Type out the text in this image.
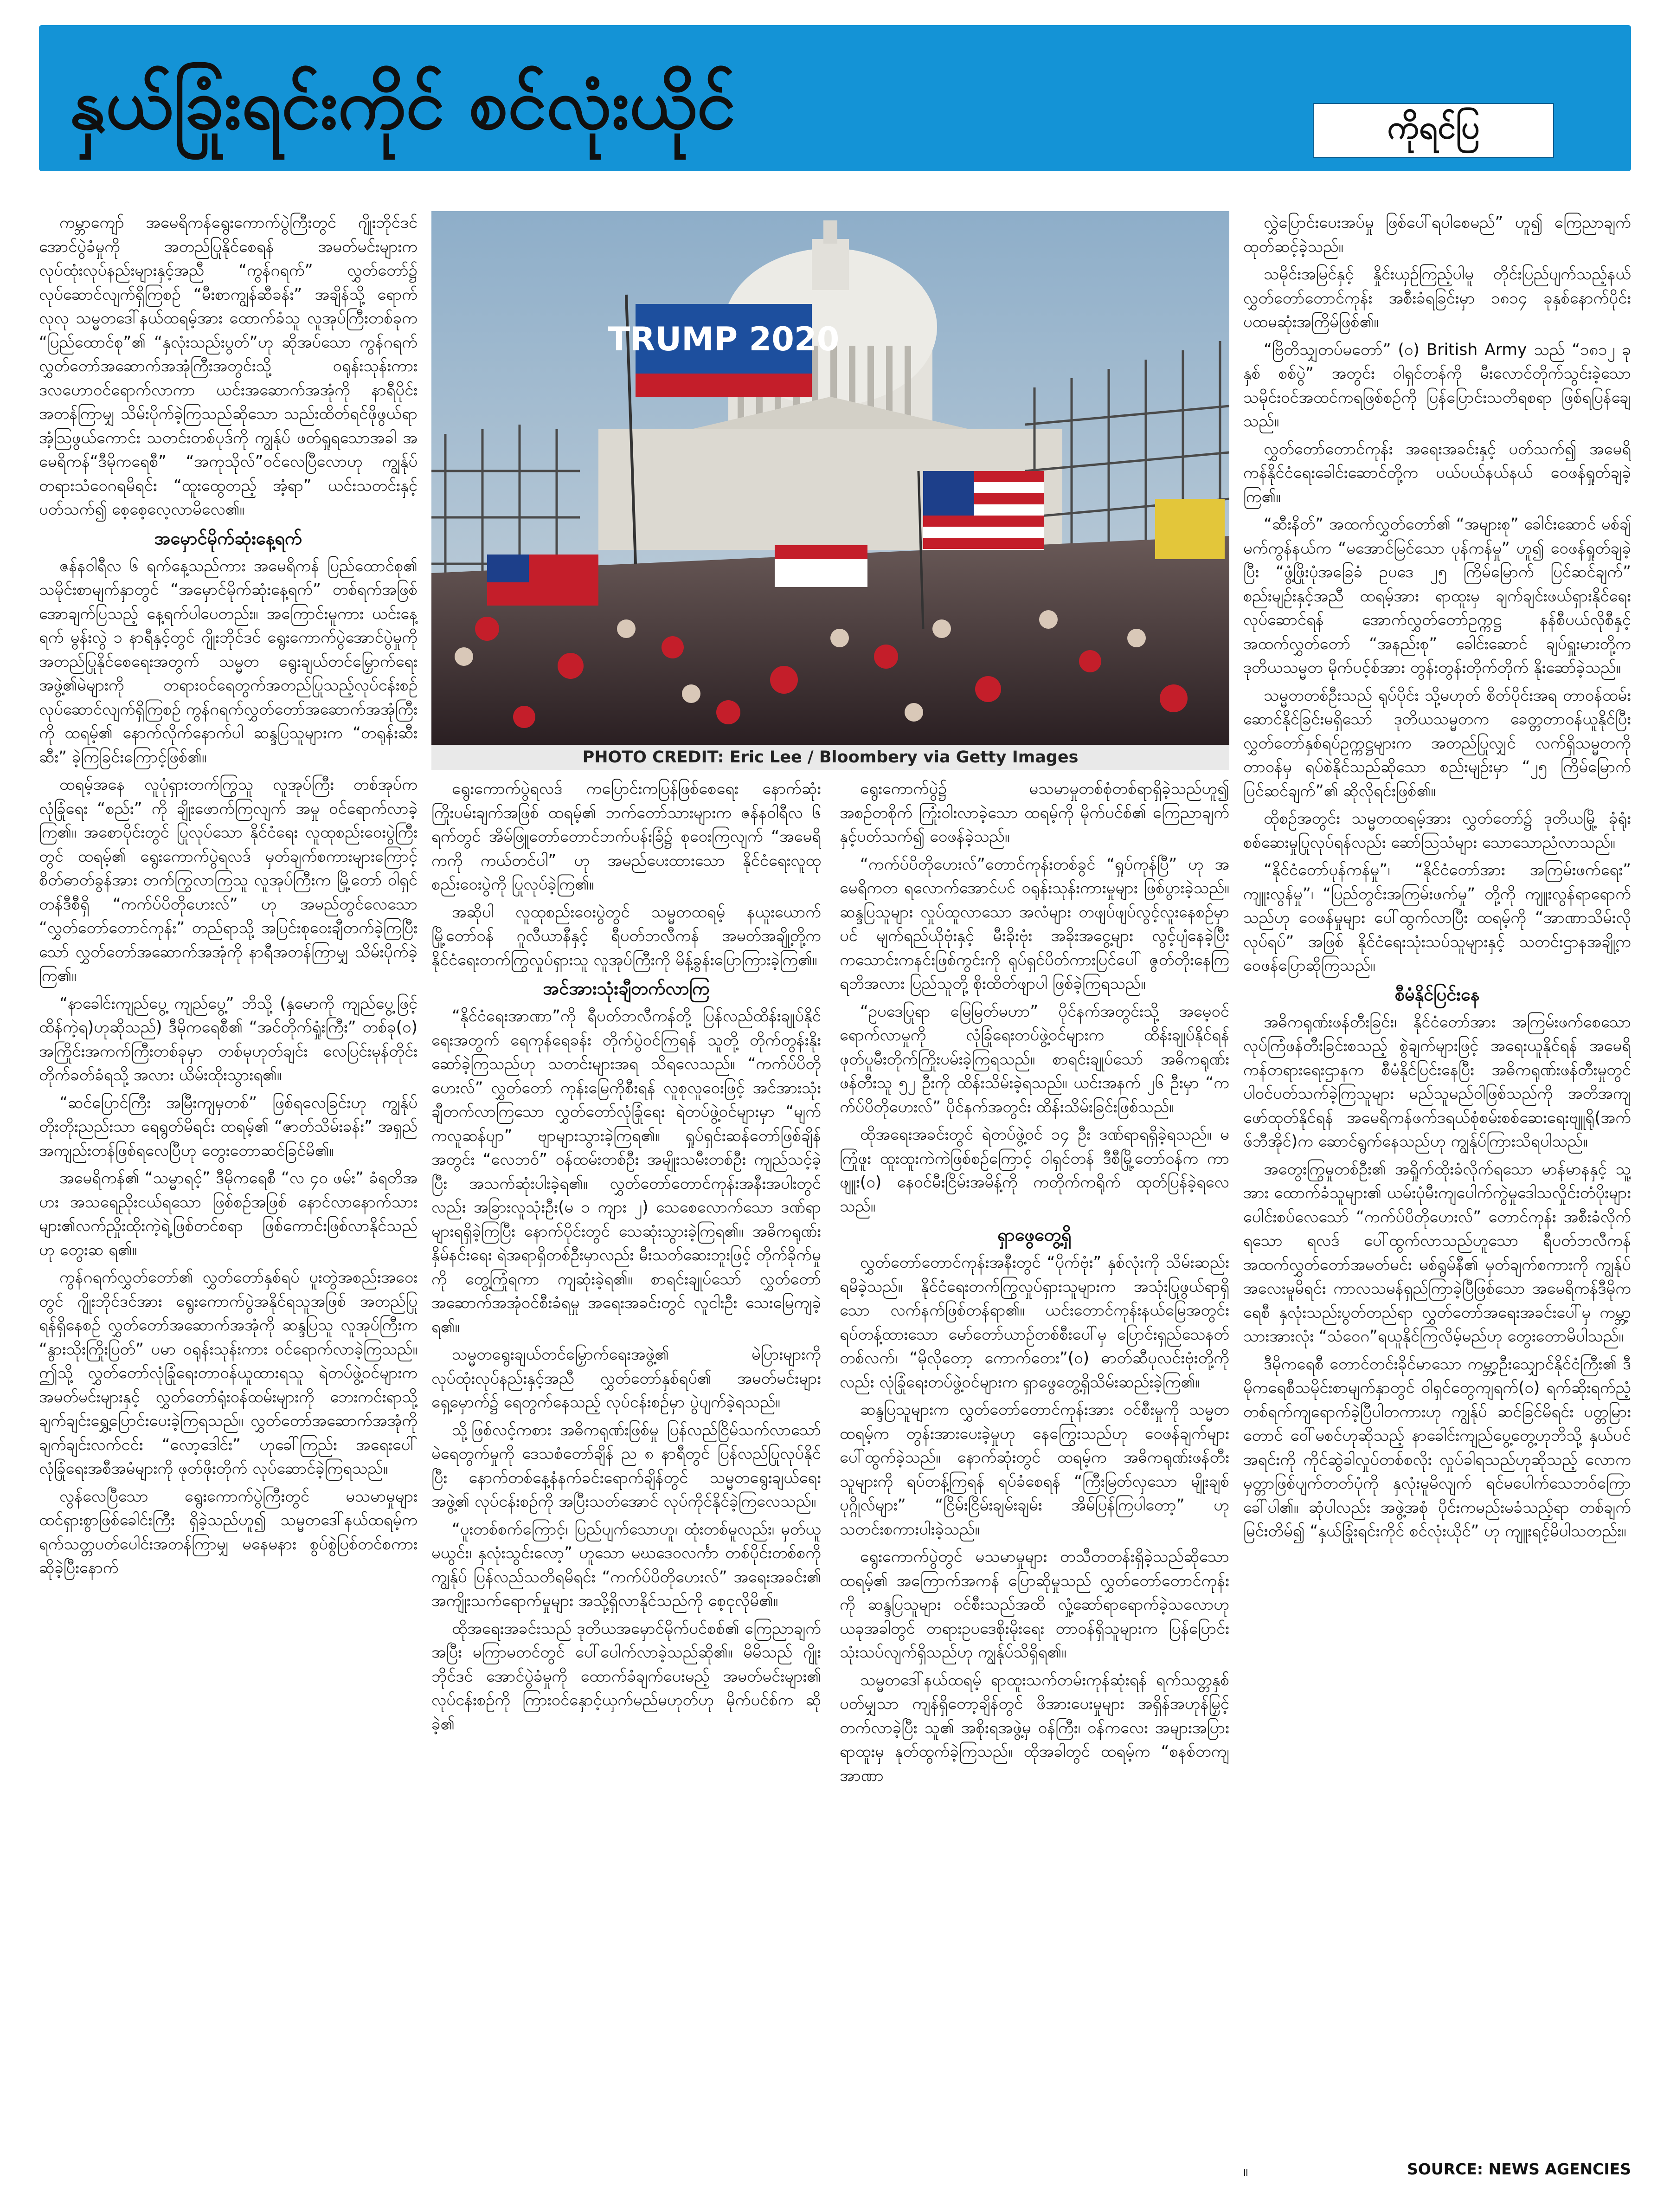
နှယ်ခြုံးရင်းကိုင် စင်လုံးယိုင်	ကိုရင်ပြ

ကမ္ဘာကျော် အမေရိကန်ရွေးကောက်ပွဲကြီးတွင် ဂျိုးဘိုင်ဒင် အောင်ပွဲခံမှုကို အတည်ပြုနိုင်စေရန် အမတ်မင်းများက လုပ်ထုံးလုပ်နည်းများနှင့်အညီ “ကွန်ဂရက်” လွှတ်တော်၌ လုပ်ဆောင်လျက်ရှိကြစဉ် “မီးစာကျွန်ဆီခန်း” အချိန်သို့ ရောက်လုလု သမ္မတဒေါ်နယ်ထရမ့်အား ထောက်ခံသူ လူအုပ်ကြီးတစ်ခုက “ပြည်ထောင်စု”၏ “နှလုံးသည်းပွတ်”ဟု ဆိုအပ်သော ကွန်ဂရက် လွှတ်တော်အဆောက်အအုံကြီးအတွင်းသို့ ဝရုန်းသုန်းကား ဒလဟောဝင်ရောက်လာကာ ယင်းအဆောက်အအုံကို နာရီပိုင်းအတန်ကြာမျှ သိမ်းပိုက်ခဲ့ကြသည်ဆိုသော သည်းထိတ်ရင်ဖိုဖွယ်ရာ အံ့ဩဖွယ်ကောင်း သတင်းတစ်ပုဒ်ကို ကျွန်ုပ် ဖတ်ရှုရသောအခါ အမေရိကန်“ဒီမိုကရေစီ” “အကုသိုလ်”ဝင်လေပြီလောဟု ကျွန်ုပ် တရားသံဝေဂရမိရင်း “ထူးထွေတည့် အံ့ရာ” ယင်းသတင်းနှင့်ပတ်သက်၍ စေ့စေ့လေ့လာမိလေ၏။

အမှောင်မိုက်ဆုံးနေ့ရက်

ဇန်နဝါရီလ ၆ ရက်နေ့သည်ကား အမေရိကန် ပြည်ထောင်စု၏ သမိုင်းစာမျက်နှာတွင် “အမှောင်မိုက်ဆုံးနေ့ရက်” တစ်ရက်အဖြစ် အောချက်ပြသည့် နေ့ရက်ပါပေတည်း။ အကြောင်းမူကား ယင်းနေ့ရက် မွန်းလွဲ ၁ နာရီနှင့်တွင် ဂျိုးဘိုင်ဒင် ရွေးကောက်ပွဲအောင်ပွဲမှုကို အတည်ပြုနိုင်စေရေးအတွက် သမ္မတ ရွေးချယ်တင်မြှောက်ရေးအဖွဲ့၏မဲများကို တရားဝင်ရေတွက်အတည်ပြုသည့်လုပ်ငန်းစဉ် လုပ်ဆောင်လျက်ရှိကြစဉ် ကွန်ဂရက်လွှတ်တော်အဆောက်အအုံကြီးကို ထရမ့်၏ နောက်လိုက်နောက်ပါ ဆန္ဒပြသူများက “တရုန်းဆီးဆီး” ခဲ့ကြခြင်းကြောင့်ဖြစ်၏။

ထရမ့်အနေ လူပုံရှားတက်ကြွသူ လူအုပ်ကြီး တစ်အုပ်က လုံခြုံရေး “စည်း” ကို ချိုးဖောက်ကြလျက် အမှု ဝင်ရောက်လာခဲ့ကြ၏။ အစောပိုင်းတွင် ပြုလုပ်သော နိုင်ငံရေး လူထုစည်းဝေးပွဲကြီးတွင် ထရမ့်၏ ရွေးကောက်ပွဲရလဒ် မှတ်ချက်စကားများကြောင့် စိတ်ဓာတ်ခွန်အား တက်ကြွလာကြသူ လူအုပ်ကြီးက မြို့တော် ဝါရှင်တန်ဒီစီရှိ “ကက်ပ်ပိတိုဟေးလ်” ဟု အမည်တွင်လေသော “လွှတ်တော်တောင်ကုန်း” တည်ရာသို့ အပြင်းစုဝေးချီတက်ခဲ့ကြပြီးသော် လွှတ်တော်အဆောက်အအုံကို နာရီအတန်ကြာမျှ သိမ်းပိုက်ခဲ့ကြ၏။

“နာခေါင်းကျည်ပွေ့ ကျည်ပွေ့” ဘိသို့ (နှမောကို ကျည်ပွေ့ဖြင့် ထိန်ကဲ့ရ)ဟုဆိုသည်) ဒီမိုကရေစီ၏ “အင်တိုက်ရှုံးကြီး” တစ်ခု(ဝ) အကြိုင်းအကက်ကြီးတစ်ခုမှာ တစ်မုဟုတ်ချင်း လေပြင်းမုန်တိုင်း တိုက်ခတ်ခံရသို့ အလား ယိမ်းထိုးသွားရ၏။

“ဆင်ပြောင်ကြီး အမြီးကျမှတစ်” ဖြစ်ရလေခြင်းဟု ကျွန်ုပ် တိုးတိုးညည်းသာ ရေရွတ်မိရင်း ထရမ့်၏ “ဇာတ်သိမ်းခန်း” အရှည်အကျည်းတန်ဖြစ်ရလေပြီဟု တွေးတောဆင်ခြင်မိ၏။

အမေရိကန်၏ “သမ္မာရင့်” ဒီမိုကရေစီ “လ ၄၀ ဖမ်း” ခံရတိအပား အသရေညိုးငယ်ရသော ဖြစ်စဉ်အဖြစ် နောင်လာနောက်သားများ၏လက်ညှိုးထိုးကဲ့ရဲ့ဖြစ်တင်စရာ ဖြစ်ကောင်းဖြစ်လာနိုင်သည်ဟု တွေးဆ ရ၏။

ကွန်ဂရက်လွှတ်တော်၏ လွှတ်တော်နှစ်ရပ် ပူးတွဲအစည်းအဝေးတွင် ဂျိုးဘိုင်ဒင်အား ရွေးကောက်ပွဲအနိုင်ရသူအဖြစ် အတည်ပြုရန်ရှိနေစဉ် လွှတ်တော်အဆောက်အအုံကို ဆန္ဒပြသူ လူအုပ်ကြီးက “နွားသိုးကြိုးပြတ်” ပမာ ဝရုန်းသုန်းကား ဝင်ရောက်လာခဲ့ကြသည်။ ဤသို့ လွှတ်တော်လုံခြုံရေးတာဝန်ယူထားရသူ ရဲတပ်ဖွဲ့ဝင်များက အမတ်မင်းများနှင့် လွှတ်တော်ရုံးဝန်ထမ်းများကို ဘေးကင်းရာသို့ ချက်ချင်းရွှေ့ပြောင်းပေးခဲ့ကြရသည်။ လွှတ်တော်အဆောက်အအုံကို ချက်ချင်းလက်ငင်း “လော့ဒေါင်း” ဟုခေါ်ကြည်း အရေးပေါ်လုံခြုံရေးအစီအမံများကို ဖုတ်ဖိုးတိုက် လုပ်ဆောင်ခဲ့ကြရသည်။

လွန်လေပြီသော ရွေးကောက်ပွဲကြီးတွင် မသမာမှုများ ထင်ရှားစွာဖြစ်ခေါင်းကြီး ရှိခဲ့သည်ဟူ၍ သမ္မတဒေါ်နယ်ထရမ့်က ရက်သတ္တပတ်ပေါင်းအတန်ကြာမျှ မနေမနား စွပ်စွဲပြစ်တင်စကား ဆိုခဲ့ပြီးနောက်

TRUMP 2020
PHOTO CREDIT: Eric Lee / Bloombery via Getty Images

ရွေးကောက်ပွဲရလဒ် ကပြောင်းကပြန်ဖြစ်စေရေး နောက်ဆုံးကြိုးပမ်းချက်အဖြစ် ထရမ့်၏ ဘက်တော်သားများက ဇန်နဝါရီလ ၆ ရက်တွင် အိမ်ဖြူတော်တောင်ဘက်ပန်းခြံ၌ စုဝေးကြလျက် “အမေရိကကို ကယ်တင်ပါ” ဟု အမည်ပေးထားသော နိုင်ငံရေးလူထုစည်းဝေးပွဲကို ပြုလုပ်ခဲ့ကြ၏။

အဆိုပါ လူထုစည်းဝေးပွဲတွင် သမ္မတထရမ့် နယူးယောက်မြို့တော်ဝန် ဂူလီယာနီနှင့် ရီပတ်ဘလီကန် အမတ်အချို့တို့က နိုင်ငံရေးတက်ကြွလှုပ်ရှားသူ လူအုပ်ကြီးကို မိန့်ခွန်းပြောကြားခဲ့ကြ၏။

အင်အားသုံးချီတက်လာကြ

“နိုင်ငံရေးအာဏာ”ကို ရီပတ်ဘလီကန်တို့ ပြန်လည်ထိန်းချုပ်နိုင်ရေးအတွက် ရေကုန်ရေခန်း တိုက်ပွဲဝင်ကြရန် သူတို့ တိုက်တွန်းနိုးဆော်ခဲ့ကြသည်ဟု သတင်းများအရ သိရလေသည်။ “ကက်ပ်ပိတိုဟေးလ်” လွှတ်တော် ကုန်းမြေကိုစီးရန် လူစုလူဝေးဖြင့် အင်အားသုံးချီတက်လာကြသော လွှတ်တော်လုံခြုံရေး ရဲတပ်ဖွဲ့ဝင်များမှာ “မျက်ကလူဆန်ပျာ” ဗျာများသွားခဲ့ကြရ၏။ ရှုပ်ရှင်းဆန်တော်ဖြစ်ချိန်အတွင်း “လေဘဝ်” ဝန်ထမ်းတစ်ဦး အမျိုးသမီးတစ်ဦး ကျည်သင့်ခဲ့ပြီး အသက်ဆုံးပါးခဲ့ရ၏။ လွှတ်တော်တောင်ကုန်းအနီးအပါးတွင်လည်း အခြားလူသုံးဦး(မ ၁ ကျား ၂) သေစေလောက်သော ဒဏ်ရာများရရှိခဲ့ကြပြီး နောက်ပိုင်းတွင် သေဆုံးသွားခဲ့ကြရ၏။ အဓိကရုဏ်းနှိမ်နင်းရေး ရဲအရာရှိတစ်ဦးမှာလည်း မီးသတ်ဆေးဘူးဖြင့် တိုက်ခိုက်မှုကို တွေ့ကြုံရကာ ကျဆုံးခဲ့ရ၏။ စာရင်းချုပ်သော် လွှတ်တော်အဆောက်အအုံဝင်စီးခံရမှု အရေးအခင်းတွင် လူငါးဦး သေးမြေကျခဲ့ရ၏။

သမ္မတရွေးချယ်တင်မြှောက်ရေးအဖွဲ့၏ မဲပြားများကို လုပ်ထုံးလုပ်နည်းနှင့်အညီ လွှတ်တော်နှစ်ရပ်၏ အမတ်မင်းများ ရှေ့မှောက်၌ ရေတွက်နေသည့် လုပ်ငန်းစဉ်မှာ ပွဲပျက်ခဲ့ရသည်။

သို့ဖြစ်လင့်ကစား အဓိကရုဏ်းဖြစ်မှု ပြန်လည်ငြိမ်သက်လာသော် မဲရေတွက်မှုကို ဒေသစံတော်ချိန် ည ၈ နာရီတွင် ပြန်လည်ပြုလုပ်နိုင်ပြီး နောက်တစ်နေ့နံနက်ခင်းရောက်ချိန်တွင် သမ္မတရွေးချယ်ရေးအဖွဲ့၏ လုပ်ငန်းစဉ်ကို အပြီးသတ်အောင် လုပ်ကိုင်နိုင်ခဲ့ကြလေသည်။

“ပူးတစ်စက်ကြောင့်၊ ပြည်ပျက်သောဟူ၊ ထုံးတစ်မူလည်း၊ မှတ်ယူမယွင်း၊ နှလုံးသွင်းလော့” ဟူသော မဃဒေဝလင်္ကာ တစ်ပိုင်းတစ်စကို ကျွန်ုပ် ပြန်လည်သတိရမိရင်း “ကက်ပ်ပိတိုဟေးလ်” အရေးအခင်း၏ အကျိုးသက်ရောက်မှုများ အသို့ရှိလာနိုင်သည်ကို စေ့ငုလိုမိ၏။

ထိုအရေးအခင်းသည် ဒုတိယအမှောင်မိုက်ပင်စစ်၏ ကြေညာချက်အပြီး မကြာမတင်တွင် ပေါ်ပေါက်လာခဲ့သည်ဆို၏။ မိမိသည် ဂျိုးဘိုင်ဒင် အောင်ပွဲခံမှုကို ထောက်ခံချက်ပေးမည့် အမတ်မင်းများ၏ လုပ်ငန်းစဉ်ကို ကြားဝင်နှောင့်ယှက်မည်မဟုတ်ဟု မိုက်ပင်စ်က ဆိုခဲ့၏

ရွေးကောက်ပွဲ၌ မသမာမှုတစ်စုံတစ်ရာရှိခဲ့သည်ဟူ၍ အစဉ်တစိုက် ကြုံးဝါးလာခဲ့သော ထရမ့်ကို မိုက်ပင်စ်၏ ကြေညာချက်နှင့်ပတ်သက်၍ ဝေဖန်ခဲ့သည်။

“ကက်ပ်ပိတိုဟေးလ်”တောင်ကုန်းတစ်ခွင် “ရှုပ်ကုန်ပြီ” ဟု အမေရိကတ ရလောက်အောင်ပင် ဝရုန်းသုန်းကားမှုများ ဖြစ်ပွားခဲ့သည်။ ဆန္ဒပြသူများ လှုပ်ထူလာသော အလံများ တဖျပ်ဖျပ်လွင့်လူးနေစဉ်မှာပင် မျက်ရည်ယိုဗုံးနှင့် မီးခိုးဗုံး အခိုးအငွေ့များ လွင့်ပျံနေခဲ့ပြီး ကသောင်းကနင်းဖြစ်ကွင်းကို ရုပ်ရှင်ပိတ်ကားပြင်ပေါ် ဇွတ်တိုးနေကြရဘိအလား ပြည်သူတို့ စိုးထိတ်ဖျာပါ ဖြစ်ခဲ့ကြရသည်။

“ဥပဒေပြုရာ မြေမြတ်မဟာ” ပိုင်နက်အတွင်းသို့ အမေ့ဝင်ရောက်လာမှုကို လုံခြုံရေးတပ်ဖွဲ့ဝင်များက ထိန်းချုပ်နိုင်ရန် ဖုတ်ပူမီးတိုက်ကြိုးပမ်းခဲ့ကြရသည်။ စာရင်းချုပ်သော် အဓိကရုဏ်းဖန်တီးသူ ၅၂ ဦးကို ထိန်းသိမ်းခဲ့ရသည်။ ယင်းအနက် ၂၆ ဦးမှာ “ကက်ပ်ပိတိုဟေးလ်” ပိုင်နက်အတွင်း ထိန်းသိမ်းခြင်းဖြစ်သည်။

ထိုအရေးအခင်းတွင် ရဲတပ်ဖွဲ့ဝင် ၁၄ ဦး ဒဏ်ရာရရှိခဲ့ရသည်။ မကြုံဖူး ထူးထူးကဲကဲဖြစ်စဉ်ကြောင့် ဝါရှင်တန် ဒီစီမြို့တော်ဝန်က ကာဖျူး(ဝ) နေဝင်မီးငြိမ်းအမိန့်ကို ကတိုက်ကရိုက် ထုတ်ပြန်ခဲ့ရလေသည်။

ရှာဖွေတွေ့ရှိ

လွှတ်တော်တောင်ကုန်းအနီးတွင် “ပိုက်ဗုံး” နှစ်လုံးကို သိမ်းဆည်းရမိခဲ့သည်။ နိုင်ငံရေးတက်ကြွလှုပ်ရှားသူများက အသုံးပြုဖွယ်ရာရှိသော လက်နက်ဖြစ်တန်ရာ၏။ ယင်းတောင်ကုန်းနယ်မြေအတွင်း ရပ်တန့်ထားသော မော်တော်ယာဉ်တစ်စီးပေါ်မှ ပြောင်းရှည်သေနတ်တစ်လက်၊ “မိုလိုတော့ ကောက်တေး”(ဝ) ဓာတ်ဆီပုလင်းဗုံးတို့ကိုလည်း လုံခြုံရေးတပ်ဖွဲ့ဝင်များက ရှာဖွေတွေ့ရှိသိမ်းဆည်းခဲ့ကြ၏။

ဆန္ဒပြသူများက လွှတ်တော်တောင်ကုန်းအား ဝင်စီးမှုကို သမ္မတထရမ့်က တွန်းအားပေးခဲ့မှုဟု နေကြွေးသည်ဟု ဝေဖန်ချက်များ ပေါ်ထွက်ခဲ့သည်။ နောက်ဆုံးတွင် ထရမ့်က အဓိကရုဏ်းဖန်တီးသူများကို ရပ်တန့်ကြရန် ရပ်ခံစေရန် “ကြီးမြတ်လှသော မျိုးချစ်ပုဂ္ဂိုလ်များ” “ငြိမ်းငြိမ်းချမ်းချမ်း အိမ်ပြန်ကြပါတော့” ဟု သတင်းစကားပါးခဲ့သည်။

ရွေးကောက်ပွဲတွင် မသမာမှုများ တသီတတန်းရှိခဲ့သည်ဆိုသော ထရမ့်၏ အကြောက်အကန် ပြောဆိုမှုသည် လွှတ်တော်တောင်ကုန်းကို ဆန္ဒပြသူများ ဝင်စီးသည်အထိ လှုံ့ဆော်ရာရောက်ခဲ့သလောဟု ယခုအခါတွင် တရားဥပဒေစိုးမိုးရေး တာဝန်ရှိသူများက ပြန်ပြောင်းသုံးသပ်လျက်ရှိသည်ဟု ကျွန်ုပ်သိရှိရ၏။

သမ္မတဒေါ်နယ်ထရမ့် ရာထူးသက်တမ်းကုန်ဆုံးရန် ရက်သတ္တနှစ်ပတ်မျှသာ ကျန်ရှိတော့ချိန်တွင် ဖိအားပေးမှုများ အရှိန်အဟုန်မြှင့်တက်လာခဲ့ပြီး သူ၏ အစိုးရအဖွဲ့မှ ဝန်ကြီး၊ ဝန်ကလေး အများအပြား ရာထူးမှ နုတ်ထွက်ခဲ့ကြသည်။ ထိုအခါတွင် ထရမ့်က “စနစ်တကျ အာဏာ

လွှဲပြောင်းပေးအပ်မှု ဖြစ်ပေါ်ရပါစေမည်” ဟူ၍ ကြေညာချက်ထုတ်ဆင့်ခဲ့သည်။

သမိုင်းအမြင်နှင့် နှိုင်းယှဉ်ကြည့်ပါမူ တိုင်းပြည်ပျက်သည့်နယ် လွှတ်တော်တောင်ကုန်း အစီးခံရခြင်းမှာ ၁၈၁၄ ခုနှစ်နောက်ပိုင်း ပထမဆုံးအကြိမ်ဖြစ်၏။

“ဗြိတိသျှတပ်မတော်” (ဝ) British Army သည် “၁၈၁၂ ခုနှစ် စစ်ပွဲ” အတွင်း ဝါရှင်တန်ကို မီးလောင်တိုက်သွင်းခဲ့သော သမိုင်းဝင်အထင်ကရဖြစ်စဉ်ကို ပြန်ပြောင်းသတိရစရာ ဖြစ်ရပြန်ချေသည်။

လွှတ်တော်တောင်ကုန်း အရေးအခင်းနှင့် ပတ်သက်၍ အမေရိကန်နိုင်ငံရေးခေါင်းဆောင်တို့က ပယ်ပယ်နယ်နယ် ဝေဖန်ရှုတ်ချခဲ့ကြ၏။

“ဆီးနိတ်” အထက်လွှတ်တော်၏ “အများစု” ခေါင်းဆောင် မစ်ချ်မက်ကွန်နယ်က “မအောင်မြင်သော ပုန်ကန်မှု” ဟူ၍ ဝေဖန်ရှုတ်ချခဲ့ပြီး “ဖွံ့ဖြိုးပုံအခြေခံ ဥပဒေ ၂၅ ကြိမ်မြောက် ပြင်ဆင်ချက်” စည်းမျဉ်းနှင့်အညီ ထရမ့်အား ရာထူးမှ ချက်ချင်းဖယ်ရှားနိုင်ရေး လုပ်ဆောင်ရန် အောက်လွှတ်တော်ဥက္ကဋ္ဌ နန်စီပယ်လိုစီနှင့် အထက်လွှတ်တော် “အနည်းစု” ခေါင်းဆောင် ချပ်ရှူးမားတို့က ဒုတိယသမ္မတ မိုက်ပင့်စ်အား တွန်းတွန်းတိုက်တိုက် နိုးဆော်ခဲ့သည်။

သမ္မတတစ်ဦးသည် ရုပ်ပိုင်း သို့မဟုတ် စိတ်ပိုင်းအရ တာဝန်ထမ်းဆောင်နိုင်ခြင်းမရှိသော် ဒုတိယသမ္မတက ခေတ္တတာဝန်ယူနိုင်ပြီး လွှတ်တော်နှစ်ရပ်ဥက္ကဋ္ဌများက အတည်ပြုလျှင် လက်ရှိသမ္မတကို တာဝန်မှ ရပ်စဲနိုင်သည်ဆိုသော စည်းမျဉ်းမှာ “၂၅ ကြိမ်မြောက်ပြင်ဆင်ချက်”၏ ဆိုလိုရင်းဖြစ်၏။

ထိုစဉ်အတွင်း သမ္မတထရမ့်အား လွှတ်တော်၌ ဒုတိယမြို့ ခုံရုံးစစ်ဆေးမှုပြုလုပ်ရန်လည်း ဆော်ဩသံများ သောသောညံလာသည်။

“နိုင်ငံတော်ပုန်ကန်မှု”၊ “နိုင်ငံတော်အား အကြမ်းဖက်ရေး” ကျူးလွန်မှု”၊ “ပြည်တွင်းအကြမ်းဖက်မှု” တို့ကို ကျူးလွန်ရာရောက်သည်ဟု ဝေဖန်မှုများ ပေါ်ထွက်လာပြီး ထရမ့်ကို “အာဏာသိမ်းလိုလုပ်ရပ်” အဖြစ် နိုင်ငံရေးသုံးသပ်သူများနှင့် သတင်းဌာနအချို့က ဝေဖန်ပြောဆိုကြသည်။

စီမံနိုင်ပြင်းနေ

အဓိကရုဏ်းဖန်တီးခြင်း၊ နိုင်ငံတော်အား အကြမ်းဖက်စေသော လုပ်ကြံဖန်တီးခြင်းစသည့် စွဲချက်များဖြင့် အရေးယူနိုင်ရန် အမေရိကန်တရားရေးဌာနက စီမံနိုင်ပြင်းနေပြီး အဓိကရုဏ်းဖန်တီးမှုတွင် ပါဝင်ပတ်သက်ခဲ့ကြသူများ မည်သူမည်ဝါဖြစ်သည်ကို အတိအကျဖော်ထုတ်နိုင်ရန် အမေရိကန်ဖက်ဒရယ်စုံစမ်းစစ်ဆေးရေးဗျူရို(အက်ဖ်ဘီအိုင်)က ဆောင်ရွက်နေသည်ဟု ကျွန်ုပ်ကြားသိရပါသည်။

အတွေးကြွမှုတစ်ဦး၏ အရှိုက်ထိုးခံလိုက်ရသော မာန်မာနနှင့် သူ့အား ထောက်ခံသူများ၏ ယမ်းပုံမီးကျပေါက်ကွဲမှုဒေါသလှိုင်းတံပိုးများ ပေါင်းစပ်လေသော် “ကက်ပ်ပိတိုဟေးလ်” တောင်ကုန်း အစီးခံလိုက်ရသော ရလဒ် ပေါ်ထွက်လာသည်ဟူသော ရီပတ်ဘလီကန် အထက်လွှတ်တော်အမတ်မင်း မစ်ရွမ်နီ၏ မှတ်ချက်စကားကို ကျွန်ုပ် အလေးမူမိရင်း ကာလသမန်ရှည်ကြာခဲ့ပြီဖြစ်သော အမေရိကန်ဒီမိုကရေစီ နှလုံးသည်းပွတ်တည်ရာ လွှတ်တော်အရေးအခင်းပေါ်မှ ကမ္ဘာ့သားအားလုံး “သံဝေဂ”ရယူနိုင်ကြလိမ့်မည်ဟု တွေးတောမိပါသည်။

ဒီမိုကရေစီ တောင်တင်းခိုင်မာသော ကမ္ဘာ့ဦးသျှောင်နိုင်ငံကြီး၏ ဒီမိုကရေစီသမိုင်းစာမျက်နှာတွင် ဝါရှင်တွေကျရက်(ဝ) ရက်ဆိုးရက်ညံ့ တစ်ရက်ကျရောက်ခဲ့ပြီပါတကားဟု ကျွန်ုပ် ဆင်ခြင်မိရင်း ပတ္တမြားတောင် ဝေါ်မစင်ဟုဆိုသည့် နာခေါင်းကျည်ပွေ့တွေ့ဟုဘိသို့ နှယ်ပင်အရင်းကို ကိုင်ဆွဲခါလှုပ်တစ်စလိုး လှုပ်ခါရသည်ဟုဆိုသည့် လောကမှတ္တာဖြစ်ပျက်တတ်ပုံကို နှလုံးမူမိလျက် ရင်မပေါက်သေဘဝ်ကြောခေါ်ပါ၏။ ဆုံပါလည်း အဖွဲ့အစုံ ပိုင်းကမည်းမခံသည့်ရာ တစ်ချက် မြင်းတိမ်၍ “နှယ်ခြုံးရင်းကိုင် စင်လုံးယိုင်” ဟု ကျူးရင့်မိပါသတည်း။

။	SOURCE: NEWS AGENCIES
